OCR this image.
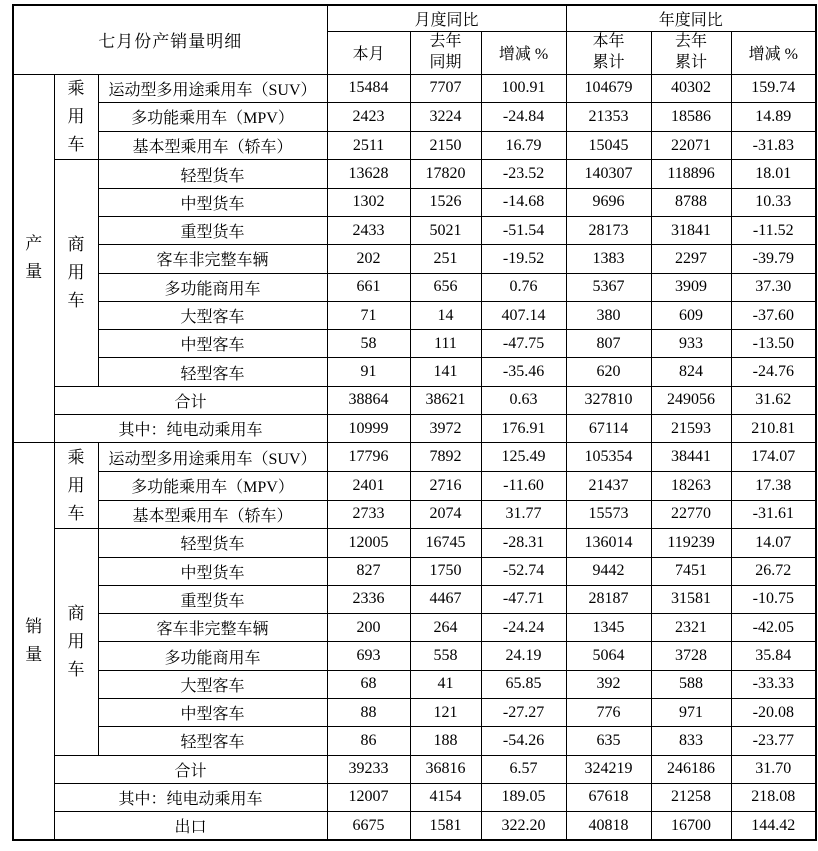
七月份产销量明细			月度同比			年度同比		
			本月	去年同期	增减 %	本年累计	去年累计	增减 %
产量	乘用车	运动型多用途乘用车（SUV）	15484	7707	100.91	104679	40302	159.74
		多功能乘用车（MPV）	2423	3224	-24.84	21353	18586	14.89
		基本型乘用车（轿车）	2511	2150	16.79	15045	22071	-31.83
	商用车	轻型货车	13628	17820	-23.52	140307	118896	18.01
		中型货车	1302	1526	-14.68	9696	8788	10.33
		重型货车	2433	5021	-51.54	28173	31841	-11.52
		客车非完整车辆	202	251	-19.52	1383	2297	-39.79
		多功能商用车	661	656	0.76	5367	3909	37.30
		大型客车	71	14	407.14	380	609	-37.60
		中型客车	58	111	-47.75	807	933	-13.50
		轻型客车	91	141	-35.46	620	824	-24.76
	合计		38864	38621	0.63	327810	249056	31.62
	其中：纯电动乘用车		10999	3972	176.91	67114	21593	210.81
销量	乘用车	运动型多用途乘用车（SUV）	17796	7892	125.49	105354	38441	174.07
		多功能乘用车（MPV）	2401	2716	-11.60	21437	18263	17.38
		基本型乘用车（轿车）	2733	2074	31.77	15573	22770	-31.61
	商用车	轻型货车	12005	16745	-28.31	136014	119239	14.07
		中型货车	827	1750	-52.74	9442	7451	26.72
		重型货车	2336	4467	-47.71	28187	31581	-10.75
		客车非完整车辆	200	264	-24.24	1345	2321	-42.05
		多功能商用车	693	558	24.19	5064	3728	35.84
		大型客车	68	41	65.85	392	588	-33.33
		中型客车	88	121	-27.27	776	971	-20.08
		轻型客车	86	188	-54.26	635	833	-23.77
	合计		39233	36816	6.57	324219	246186	31.70
	其中：纯电动乘用车		12007	4154	189.05	67618	21258	218.08
	出口		6675	1581	322.20	40818	16700	144.42
